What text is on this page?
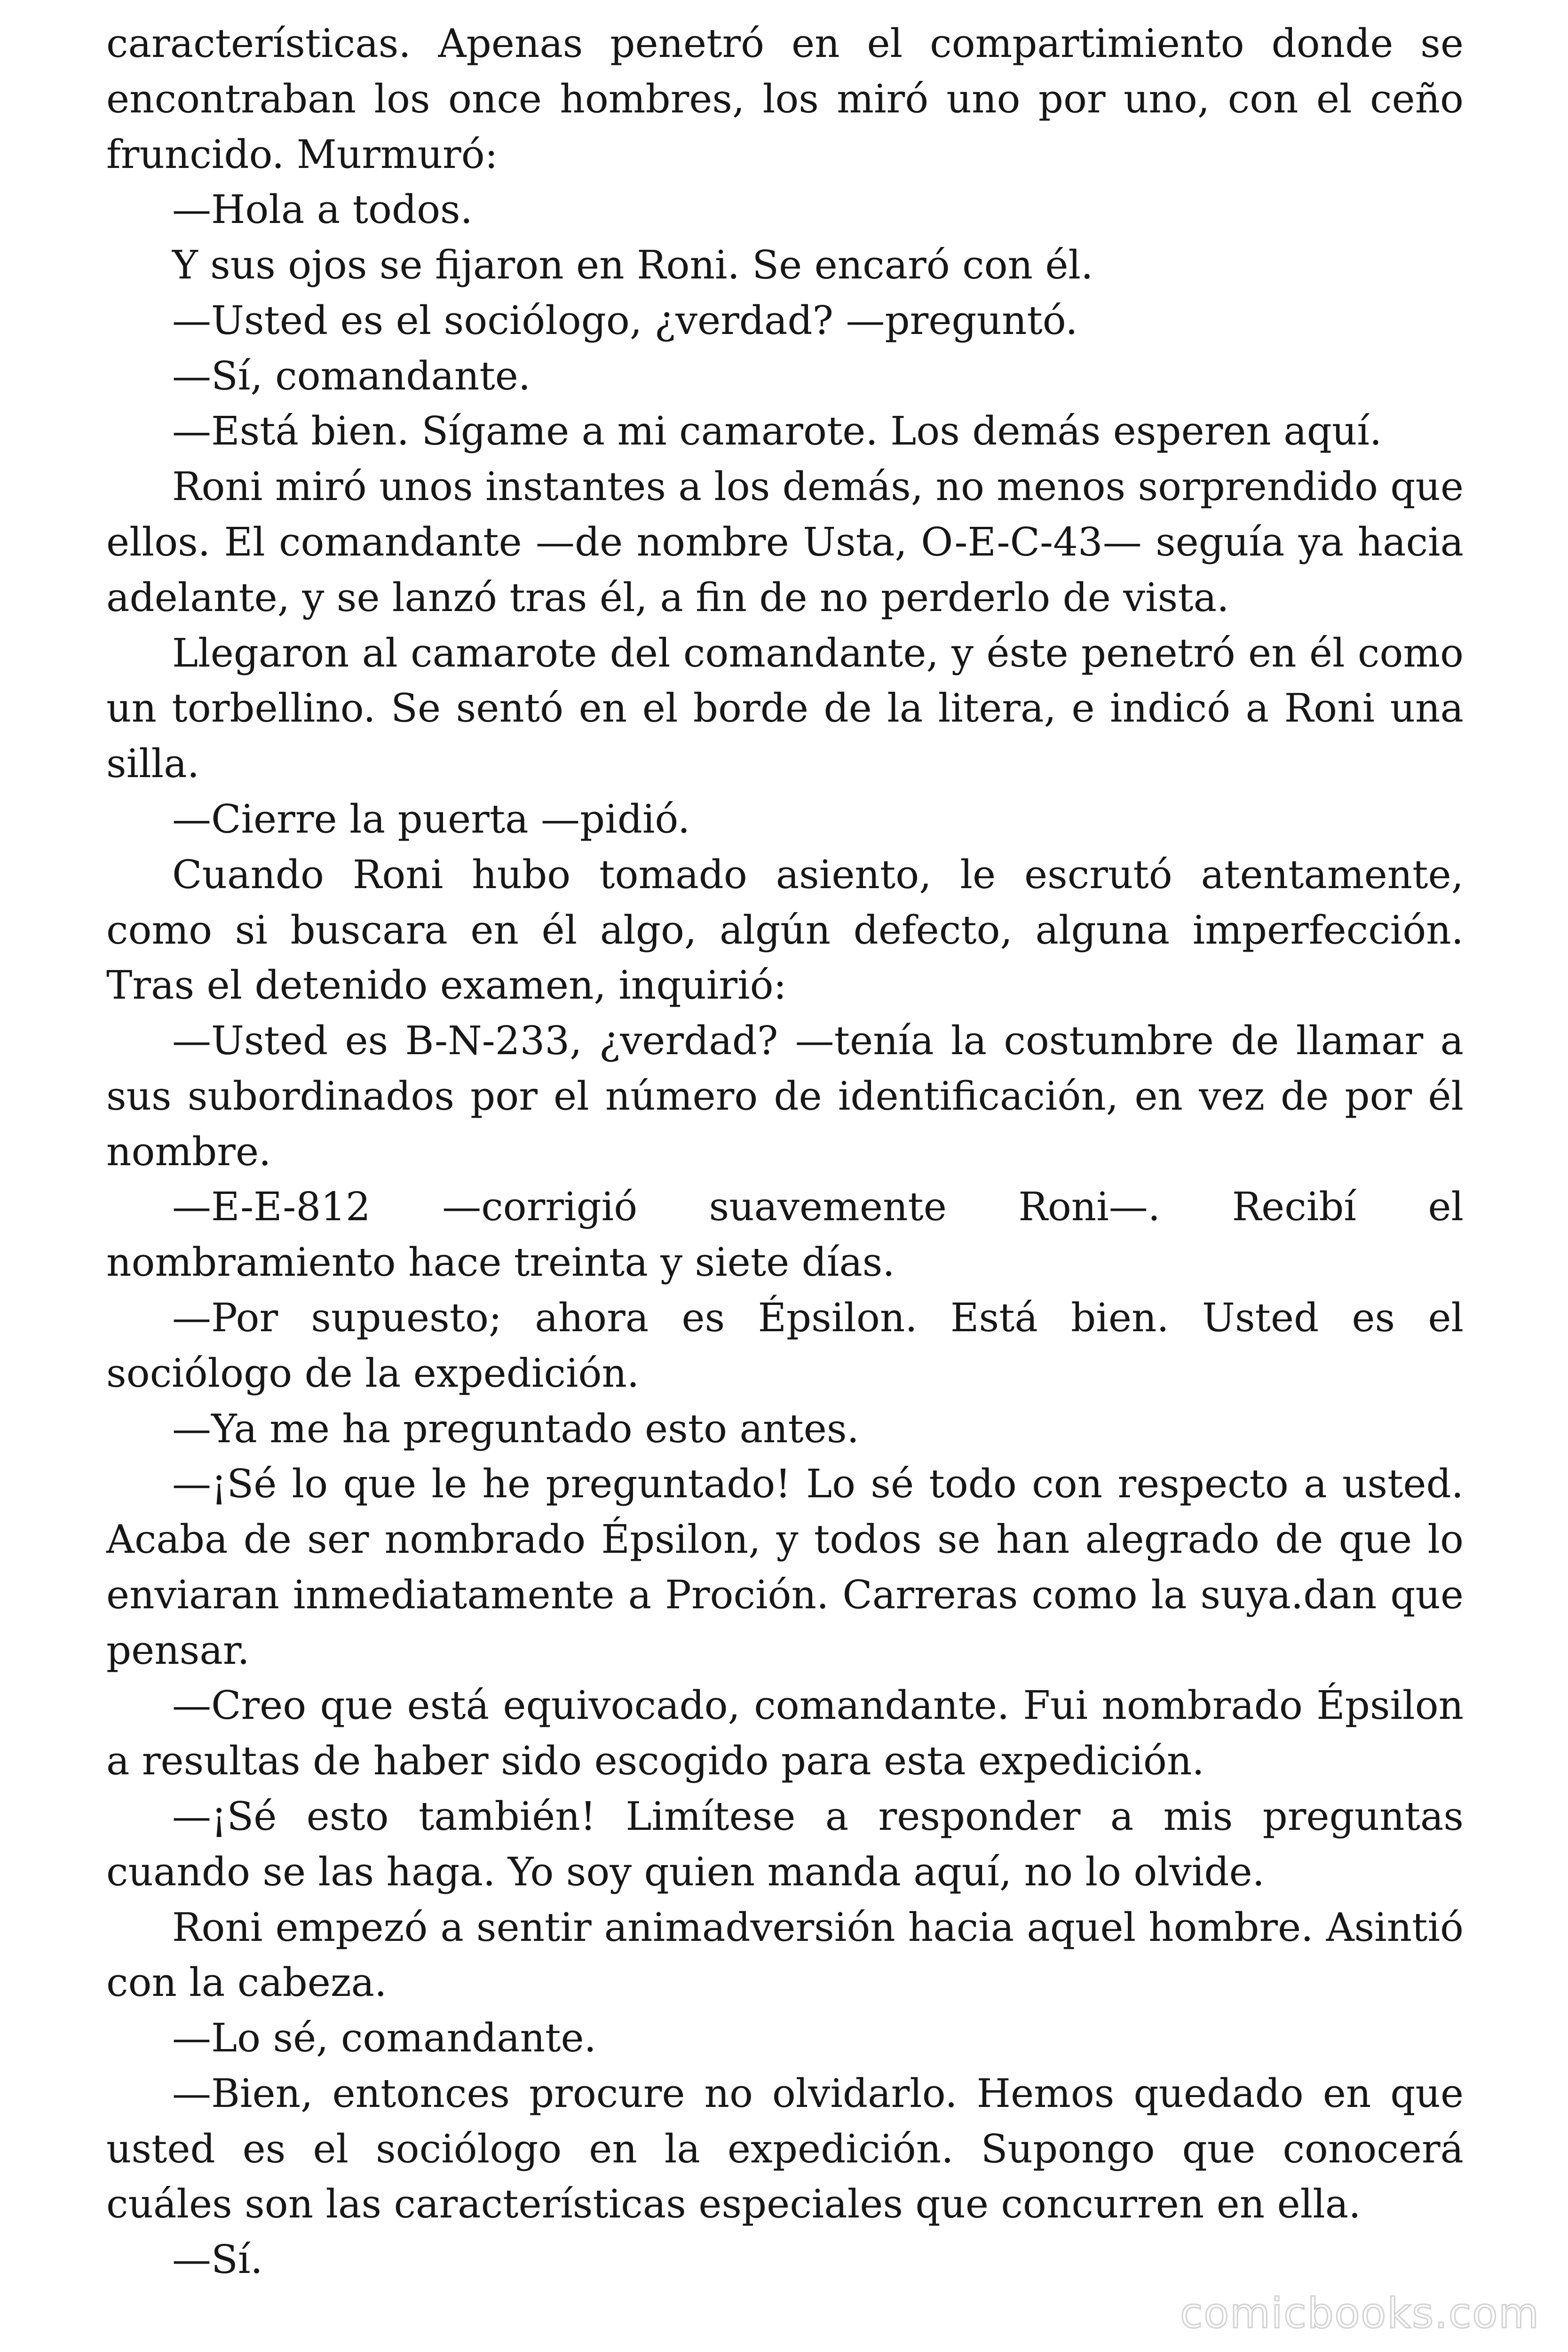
características. Apenas penetró en el compartimiento donde se encontraban los once hombres, los miró uno por uno, con el ceño fruncido. Murmuró:

—Hola a todos.

Y sus ojos se fijaron en Roni. Se encaró con él.

—Usted es el sociólogo, ¿verdad? —preguntó.

—Sí, comandante.

—Está bien. Sígame a mi camarote. Los demás esperen aquí.

Roni miró unos instantes a los demás, no menos sorprendido que ellos. El comandante —de nombre Usta, O-E-C-43— seguía ya hacia adelante, y se lanzó tras él, a fin de no perderlo de vista.

Llegaron al camarote del comandante, y éste penetró en él como un torbellino. Se sentó en el borde de la litera, e indicó a Roni una silla.

—Cierre la puerta —pidió.

Cuando Roni hubo tomado asiento, le escrutó atentamente, como si buscara en él algo, algún defecto, alguna imperfección. Tras el detenido examen, inquirió:

—Usted es B-N-233, ¿verdad? —tenía la costumbre de llamar a sus subordinados por el número de identificación, en vez de por él nombre.

—E-E-812 —corrigió suavemente Roni—. Recibí el nombramiento hace treinta y siete días.

—Por supuesto; ahora es Épsilon. Está bien. Usted es el sociólogo de la expedición.

—Ya me ha preguntado esto antes.

—¡Sé lo que le he preguntado! Lo sé todo con respecto a usted. Acaba de ser nombrado Épsilon, y todos se han alegrado de que lo enviaran inmediatamente a Proción. Carreras como la suya.dan que pensar.

—Creo que está equivocado, comandante. Fui nombrado Épsilon a resultas de haber sido escogido para esta expedición.

—¡Sé esto también! Limítese a responder a mis preguntas cuando se las haga. Yo soy quien manda aquí, no lo olvide.

Roni empezó a sentir animadversión hacia aquel hombre. Asintió con la cabeza.

—Lo sé, comandante.

—Bien, entonces procure no olvidarlo. Hemos quedado en que usted es el sociólogo en la expedición. Supongo que conocerá cuáles son las características especiales que concurren en ella.

—Sí.

comicbooks.com
